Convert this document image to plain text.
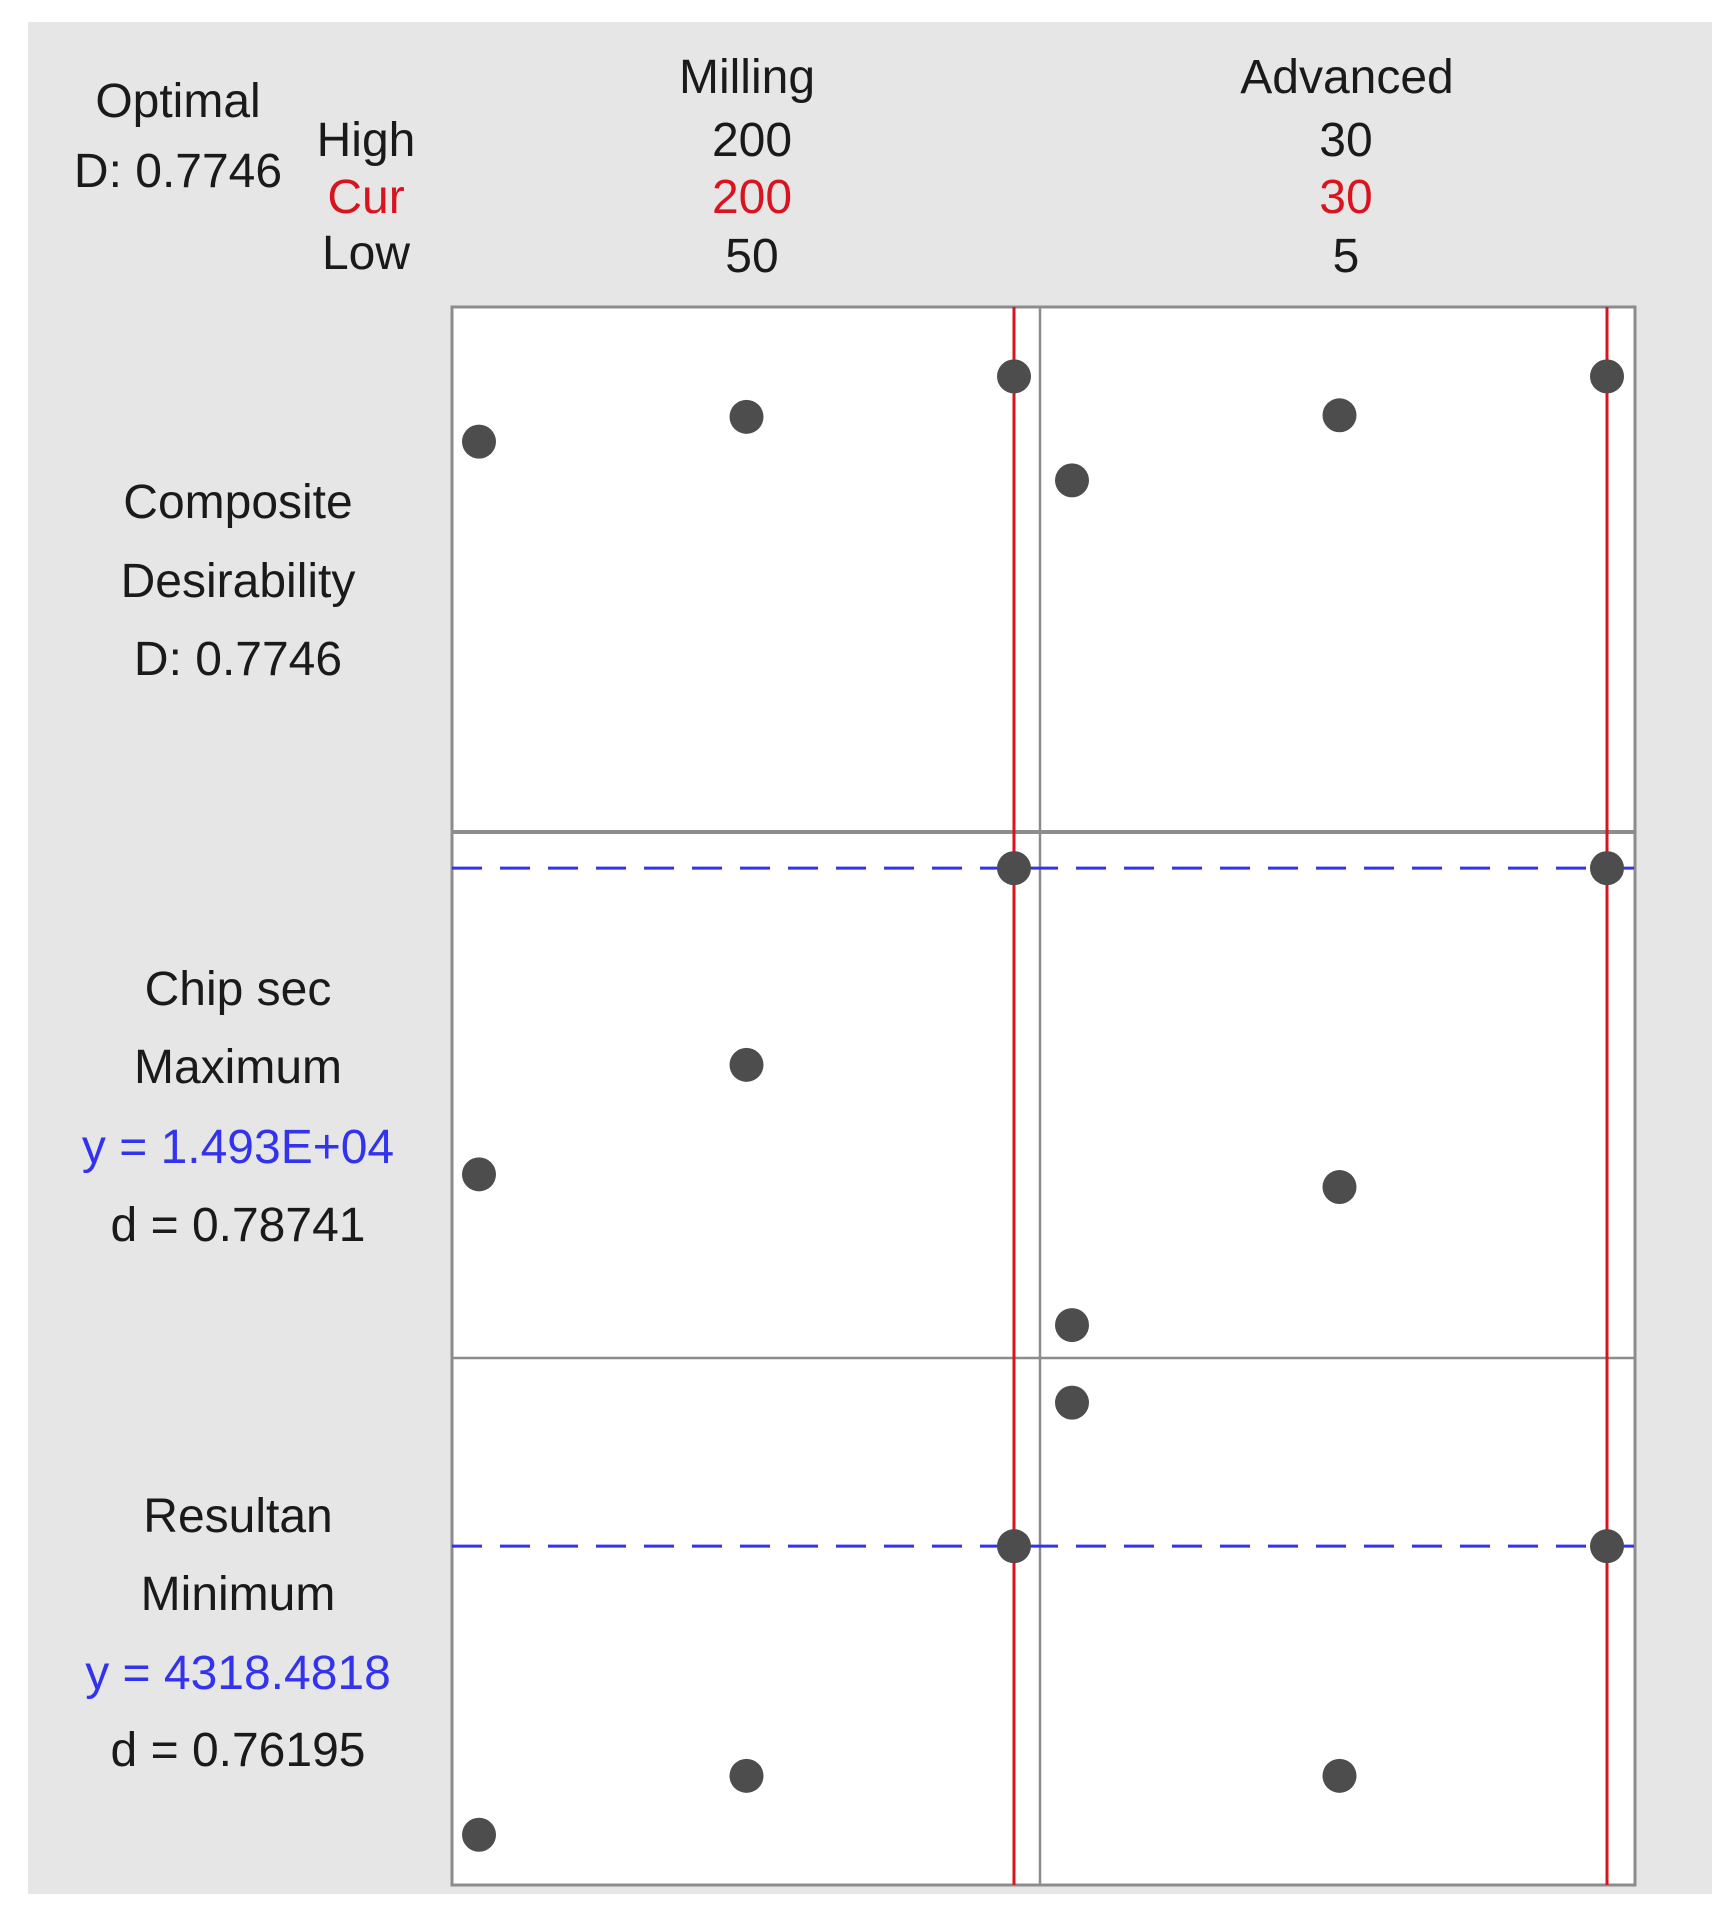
Optimal
D: 0.7746
High
Cur
Low
Milling
200
200
50
Advanced
30
30
5
Composite
Desirability
D: 0.7746
Chip sec
Maximum
y = 1.493E+04
d = 0.78741
Resultan
Minimum
y = 4318.4818
d = 0.76195
